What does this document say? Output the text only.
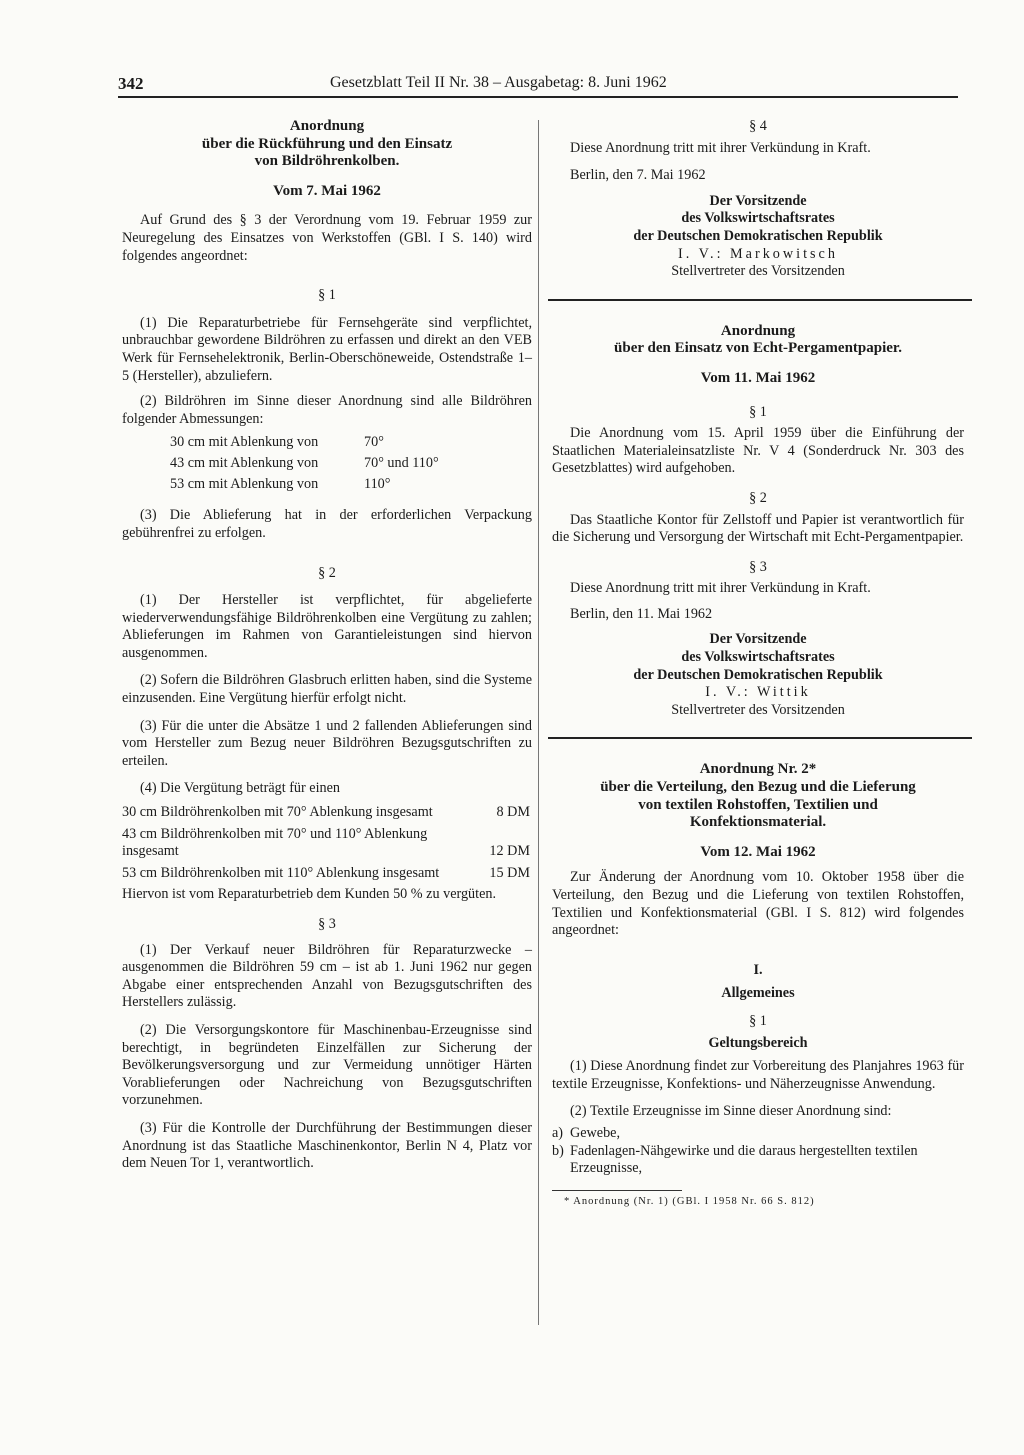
342	Gesetzblatt Teil II Nr. 38 – Ausgabetag: 8. Juni 1962

Anordnung

über die Rückführung und den Einsatz

von Bildröhrenkolben.

Vom 7. Mai 1962

Auf Grund des § 3 der Verordnung vom 19. Februar 1959 zur Neuregelung des Einsatzes von Werkstoffen (GBl. I S. 140) wird folgendes angeordnet:

§ 1

(1) Die Reparaturbetriebe für Fernsehgeräte sind verpflichtet, unbrauchbar gewordene Bildröhren zu erfassen und direkt an den VEB Werk für Fernsehelektronik, Berlin-Oberschöneweide, Ostendstraße 1–5 (Hersteller), abzuliefern.

(2) Bildröhren im Sinne dieser Anordnung sind alle Bildröhren folgender Abmessungen:

30 cm mit Ablenkung von	70°
43 cm mit Ablenkung von	70° und 110°
53 cm mit Ablenkung von	110°

(3) Die Ablieferung hat in der erforderlichen Verpackung gebührenfrei zu erfolgen.

§ 2

(1) Der Hersteller ist verpflichtet, für abgelieferte wiederverwendungsfähige Bildröhrenkolben eine Vergütung zu zahlen; Ablieferungen im Rahmen von Garantieleistungen sind hiervon ausgenommen.

(2) Sofern die Bildröhren Glasbruch erlitten haben, sind die Systeme einzusenden. Eine Vergütung hierfür erfolgt nicht.

(3) Für die unter die Absätze 1 und 2 fallenden Ablieferungen sind vom Hersteller zum Bezug neuer Bildröhren Bezugsgutschriften zu erteilen.

(4) Die Vergütung beträgt für einen

30 cm Bildröhrenkolben mit 70° Ablenkung insgesamt	8 DM
43 cm Bildröhrenkolben mit 70° und 110° Ablenkung insgesamt	12 DM
53 cm Bildröhrenkolben mit 110° Ablenkung insgesamt	15 DM

Hiervon ist vom Reparaturbetrieb dem Kunden 50 % zu vergüten.

§ 3

(1) Der Verkauf neuer Bildröhren für Reparaturzwecke – ausgenommen die Bildröhren 59 cm – ist ab 1. Juni 1962 nur gegen Abgabe einer entsprechenden Anzahl von Bezugsgutschriften des Herstellers zulässig.

(2) Die Versorgungskontore für Maschinenbau-Erzeugnisse sind berechtigt, in begründeten Einzelfällen zur Sicherung der Bevölkerungsversorgung und zur Vermeidung unnötiger Härten Vorablieferungen oder Nachreichung von Bezugsgutschriften vorzunehmen.

(3) Für die Kontrolle der Durchführung der Bestimmungen dieser Anordnung ist das Staatliche Maschinenkontor, Berlin N 4, Platz vor dem Neuen Tor 1, verantwortlich.

§ 4

Diese Anordnung tritt mit ihrer Verkündung in Kraft.

Berlin, den 7. Mai 1962

Der Vorsitzende

des Volkswirtschaftsrates

der Deutschen Demokratischen Republik

I. V.: Markowitsch

Stellvertreter des Vorsitzenden

Anordnung

über den Einsatz von Echt-Pergamentpapier.

Vom 11. Mai 1962

§ 1

Die Anordnung vom 15. April 1959 über die Einführung der Staatlichen Materialeinsatzliste Nr. V 4 (Sonderdruck Nr. 303 des Gesetzblattes) wird aufgehoben.

§ 2

Das Staatliche Kontor für Zellstoff und Papier ist verantwortlich für die Sicherung und Versorgung der Wirtschaft mit Echt-Pergamentpapier.

§ 3

Diese Anordnung tritt mit ihrer Verkündung in Kraft.

Berlin, den 11. Mai 1962

Der Vorsitzende

des Volkswirtschaftsrates

der Deutschen Demokratischen Republik

I. V.: Wittik

Stellvertreter des Vorsitzenden

Anordnung Nr. 2*

über die Verteilung, den Bezug und die Lieferung

von textilen Rohstoffen, Textilien und

Konfektionsmaterial.

Vom 12. Mai 1962

Zur Änderung der Anordnung vom 10. Oktober 1958 über die Verteilung, den Bezug und die Lieferung von textilen Rohstoffen, Textilien und Konfektionsmaterial (GBl. I S. 812) wird folgendes angeordnet:

I.

Allgemeines

§ 1

Geltungsbereich

(1) Diese Anordnung findet zur Vorbereitung des Planjahres 1963 für textile Erzeugnisse, Konfektions- und Näherzeugnisse Anwendung.

(2) Textile Erzeugnisse im Sinne dieser Anordnung sind:

a) Gewebe,
b) Fadenlagen-Nähgewirke und die daraus hergestellten textilen Erzeugnisse,

* Anordnung (Nr. 1) (GBl. I 1958 Nr. 66 S. 812)
